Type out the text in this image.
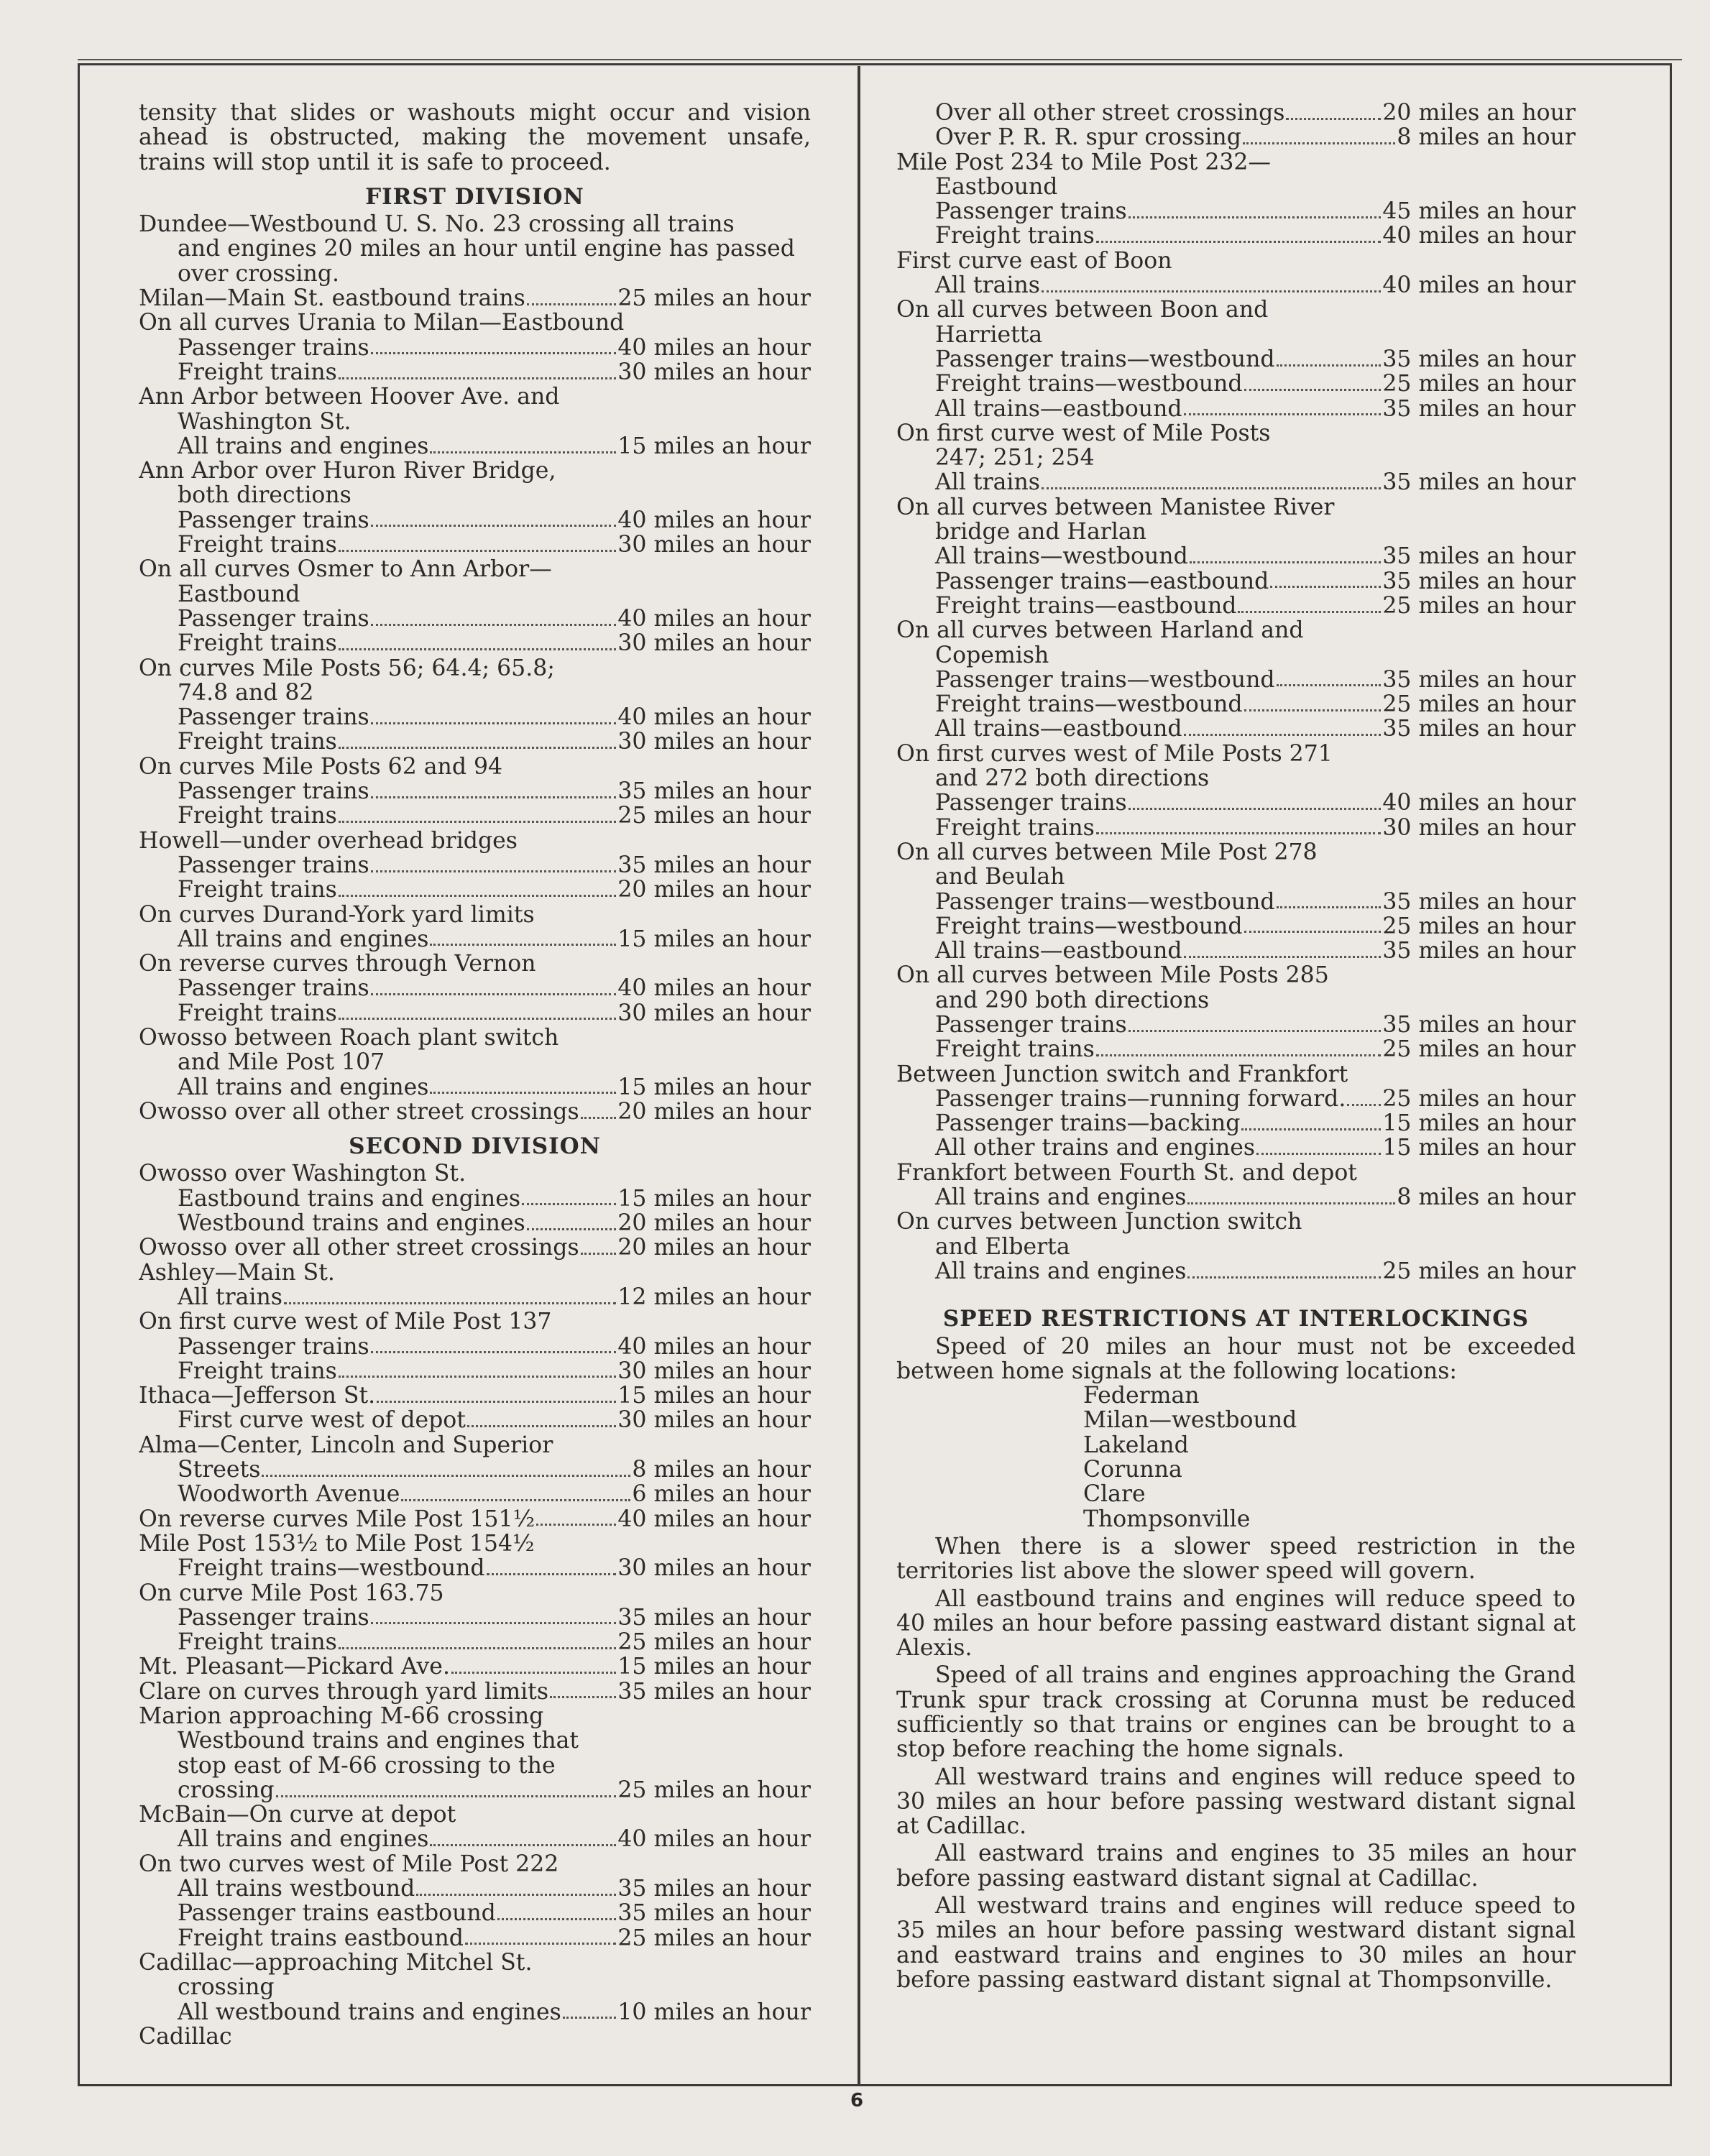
tensity that slides or washouts might occur and vision
ahead is obstructed, making the movement unsafe,
trains will stop until it is safe to proceed.
FIRST DIVISION
Dundee—Westbound U. S. No. 23 crossing all trains
and engines 20 miles an hour until engine has passed
over crossing.
Milan—Main St. eastbound trains	25 miles an hour
On all curves Urania to Milan—Eastbound
Passenger trains	40 miles an hour
Freight trains	30 miles an hour
Ann Arbor between Hoover Ave. and
Washington St.
All trains and engines	15 miles an hour
Ann Arbor over Huron River Bridge,
both directions
Passenger trains	40 miles an hour
Freight trains	30 miles an hour
On all curves Osmer to Ann Arbor—
Eastbound
Passenger trains	40 miles an hour
Freight trains	30 miles an hour
On curves Mile Posts 56; 64.4; 65.8;
74.8 and 82
Passenger trains	40 miles an hour
Freight trains	30 miles an hour
On curves Mile Posts 62 and 94
Passenger trains	35 miles an hour
Freight trains	25 miles an hour
Howell—under overhead bridges
Passenger trains	35 miles an hour
Freight trains	20 miles an hour
On curves Durand-York yard limits
All trains and engines	15 miles an hour
On reverse curves through Vernon
Passenger trains	40 miles an hour
Freight trains	30 miles an hour
Owosso between Roach plant switch
and Mile Post 107
All trains and engines	15 miles an hour
Owosso over all other street crossings 20 miles an hour
SECOND DIVISION
Owosso over Washington St.
Eastbound trains and engines	15 miles an hour
Westbound trains and engines	20 miles an hour
Owosso over all other street crossings 20 miles an hour
Ashley—Main St.
All trains	12 miles an hour
On first curve west of Mile Post 137
Passenger trains	40 miles an hour
Freight trains	30 miles an hour
Ithaca—Jefferson St.	15 miles an hour
First curve west of depot	30 miles an hour
Alma—Center, Lincoln and Superior
Streets	8 miles an hour
Woodworth Avenue	6 miles an hour
On reverse curves Mile Post 151½	40 miles an hour
Mile Post 153½ to Mile Post 154½
Freight trains—westbound	30 miles an hour
On curve Mile Post 163.75
Passenger trains	35 miles an hour
Freight trains	25 miles an hour
Mt. Pleasant—Pickard Ave.	15 miles an hour
Clare on curves through yard limits	35 miles an hour
Marion approaching M-66 crossing
Westbound trains and engines that
stop east of M-66 crossing to the
crossing	25 miles an hour
McBain—On curve at depot
All trains and engines	40 miles an hour
On two curves west of Mile Post 222
All trains westbound	35 miles an hour
Passenger trains eastbound	35 miles an hour
Freight trains eastbound	25 miles an hour
Cadillac—approaching Mitchel St.
crossing
All westbound trains and engines 10 miles an hour
Cadillac
Over all other street crossings	20 miles an hour
Over P. R. R. spur crossing	8 miles an hour
Mile Post 234 to Mile Post 232—
Eastbound
Passenger trains	45 miles an hour
Freight trains	40 miles an hour
First curve east of Boon
All trains	40 miles an hour
On all curves between Boon and
Harrietta
Passenger trains—westbound	35 miles an hour
Freight trains—westbound	25 miles an hour
All trains—eastbound	35 miles an hour
On first curve west of Mile Posts
247; 251; 254
All trains	35 miles an hour
On all curves between Manistee River
bridge and Harlan
All trains—westbound	35 miles an hour
Passenger trains—eastbound	35 miles an hour
Freight trains—eastbound	25 miles an hour
On all curves between Harland and
Copemish
Passenger trains—westbound	35 miles an hour
Freight trains—westbound	25 miles an hour
All trains—eastbound	35 miles an hour
On first curves west of Mile Posts 271
and 272 both directions
Passenger trains	40 miles an hour
Freight trains	30 miles an hour
On all curves between Mile Post 278
and Beulah
Passenger trains—westbound	35 miles an hour
Freight trains—westbound	25 miles an hour
All trains—eastbound	35 miles an hour
On all curves between Mile Posts 285
and 290 both directions
Passenger trains	35 miles an hour
Freight trains	25 miles an hour
Between Junction switch and Frankfort
Passenger trains—running forward. 25 miles an hour
Passenger trains—backing	15 miles an hour
All other trains and engines	15 miles an hour
Frankfort between Fourth St. and depot
All trains and engines	8 miles an hour
On curves between Junction switch
and Elberta
All trains and engines	25 miles an hour
SPEED RESTRICTIONS AT INTERLOCKINGS
Speed of 20 miles an hour must not be exceeded between home signals at the following locations:
Federman
Milan—westbound
Lakeland
Corunna
Clare
Thompsonville
When there is a slower speed restriction in the territories list above the slower speed will govern.
All eastbound trains and engines will reduce speed to 40 miles an hour before passing eastward distant signal at Alexis.
Speed of all trains and engines approaching the Grand Trunk spur track crossing at Corunna must be reduced sufficiently so that trains or engines can be brought to a stop before reaching the home signals.
All westward trains and engines will reduce speed to 30 miles an hour before passing westward distant signal at Cadillac.
All eastward trains and engines to 35 miles an hour before passing eastward distant signal at Cadillac.
All westward trains and engines will reduce speed to 35 miles an hour before passing westward distant signal and eastward trains and engines to 30 miles an hour before passing eastward distant signal at Thompsonville.
6
